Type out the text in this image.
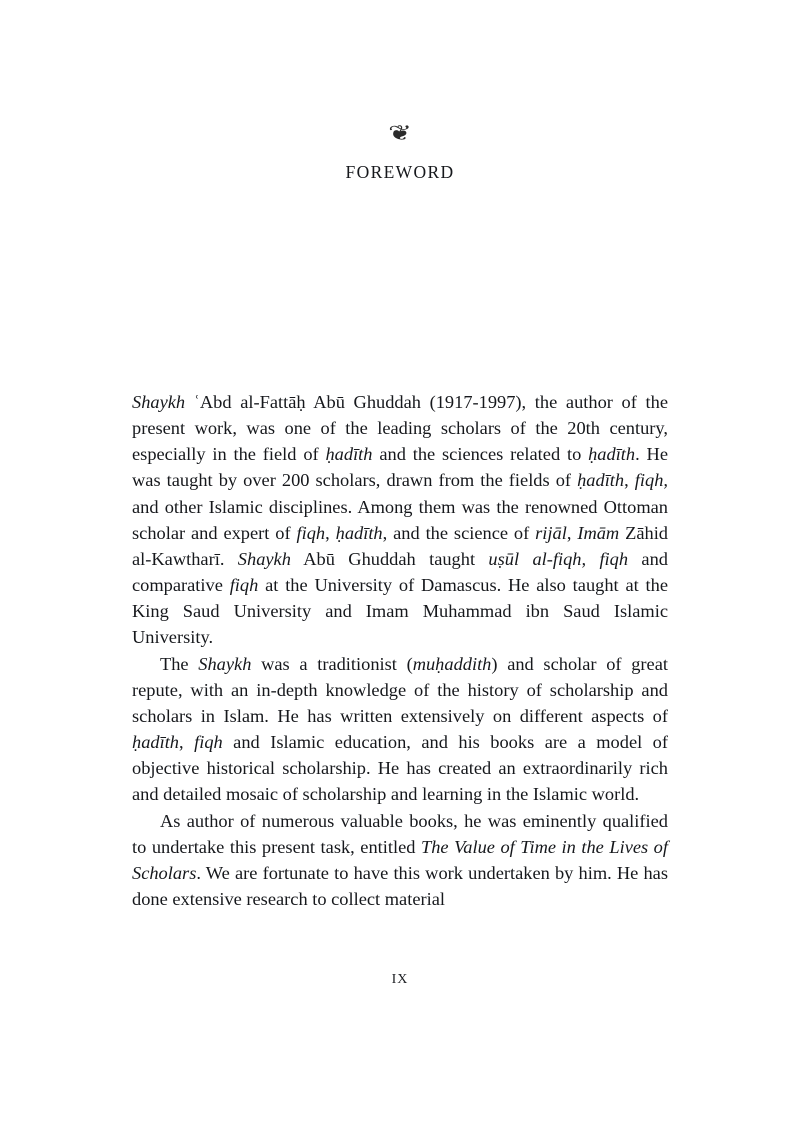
❦
FOREWORD

Shaykh ʿAbd al-Fattāḥ Abū Ghuddah (1917-1997), the author of the present work, was one of the leading scholars of the 20th century, especially in the field of ḥadīth and the sciences related to ḥadīth. He was taught by over 200 scholars, drawn from the fields of ḥadīth, fiqh, and other Islamic disciplines. Among them was the renowned Ottoman scholar and expert of fiqh, ḥadīth, and the science of rijāl, Imām Zāhid al-Kawtharī. Shaykh Abū Ghuddah taught uṣūl al-fiqh, fiqh and comparative fiqh at the University of Damascus. He also taught at the King Saud University and Imam Muhammad ibn Saud Islamic University.

The Shaykh was a traditionist (muḥaddith) and scholar of great repute, with an in-depth knowledge of the history of scholarship and scholars in Islam. He has written extensively on different aspects of ḥadīth, fiqh and Islamic education, and his books are a model of objective historical scholarship. He has created an extraordinarily rich and detailed mosaic of scholarship and learning in the Islamic world.

As author of numerous valuable books, he was eminently qualified to undertake this present task, entitled The Value of Time in the Lives of Scholars. We are fortunate to have this work undertaken by him. He has done extensive research to collect material

IX
